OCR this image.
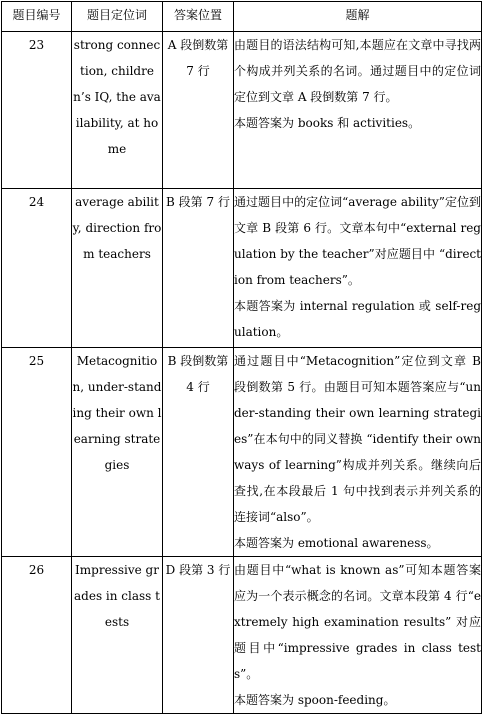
题目编号	题目定位词	答案位置	题解
23	strong connection, children’s IQ, the availability, at home	A 段倒数第 7 行	由题目的语法结构可知,本题应在文章中寻找两个构成并列关系的名词。通过题目中的定位词定位到文章 A 段倒数第 7 行。
本题答案为 books 和 activities。

24	average ability, direction from teachers	B 段第 7 行	通过题目中的定位词“average ability”定位到文章 B 段第 6 行。文章本句中“external regulation by the teacher”对应题目中 “direction from teachers”。
本题答案为 internal regulation 或 self-regulation。

25	Metacognition, under-standing their own learning strategies	B 段倒数第 4 行	通过题目中“Metacognition”定位到文章 B 段倒数第 5 行。由题目可知本题答案应与“under-standing their own learning strategies”在本句中的同义替换 “identify their own ways of learning”构成并列关系。继续向后查找,在本段最后 1 句中找到表示并列关系的连接词“also”。
本题答案为 emotional awareness。

26	Impressive grades in class tests	D 段第 3 行	由题目中“what is known as”可知本题答案应为一个表示概念的名词。文章本段第 4 行“extremely high examination results” 对应题目中“impressive grades in class tests”。
本题答案为 spoon-feeding。
